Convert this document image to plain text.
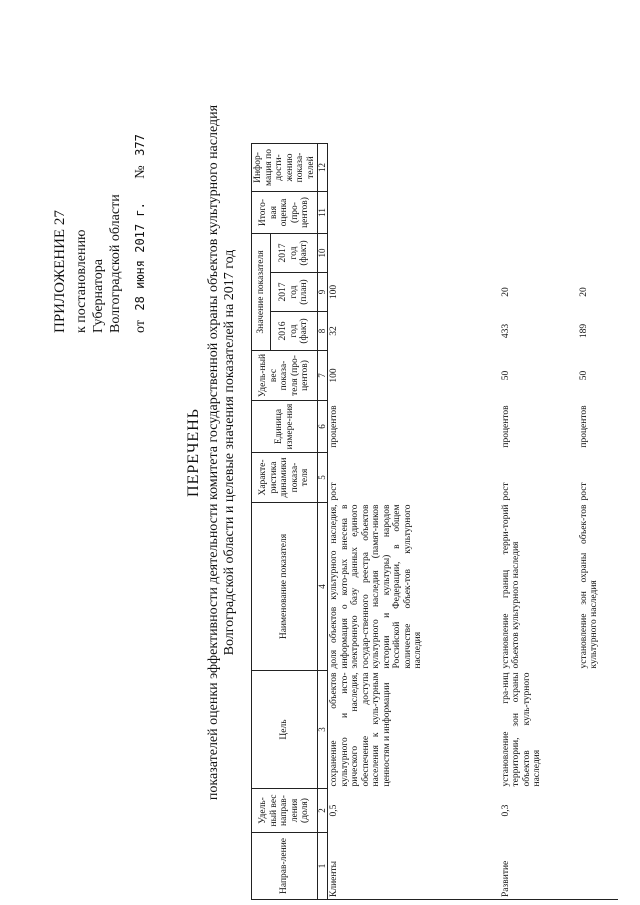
ПРИЛОЖЕНИЕ 27 к постановлению Губернатора Волгоградской области от 28 июня 2017 г. № 377
ПЕРЕЧЕНЬ показателей оценки эффективности деятельности комитета государственной охраны объектов культурного наследия Волгоградской области и целевые значения показателей на 2017 год
Направ-ление	Удель-ный вес направ-ления (доля)	Цель	Наименование показателя	Характе-ристика динамики показа-теля	Единица измере-ния	Удель-ный вес показа-теля (про-центов)	Значение показателя			Итого-вая оценка (про-центов)	Инфор-мация по дости-жению показа-телей
							2016 год (факт)	2017 год (план)	2017 год (факт)		
1	2	3	4	5	6	7	8	9	10	11	12
Клиенты	0,5	сохранение объектов культурного и исто-рического наследия, обеспечение доступа населения к куль-турным ценностям и информации	доля объектов культурного наследия, информация о кото-рых внесена в электронную базу данных единого государ-ственного реестра объектов культурного наследия (памят-ников истории и культуры) народов Российской Федерации, в общем количестве объек-тов культурного наследия	рост	процентов	100	32	100			
Развитие	0,3	установление гра-ниц территории, зон охраны объектов куль-турного наследия	установление границ терри-торий объектов культурного наследия	рост	процентов	50	433	20			
			установление зон охраны объек-тов культурного наследия	рост	процентов	50	189	20			
